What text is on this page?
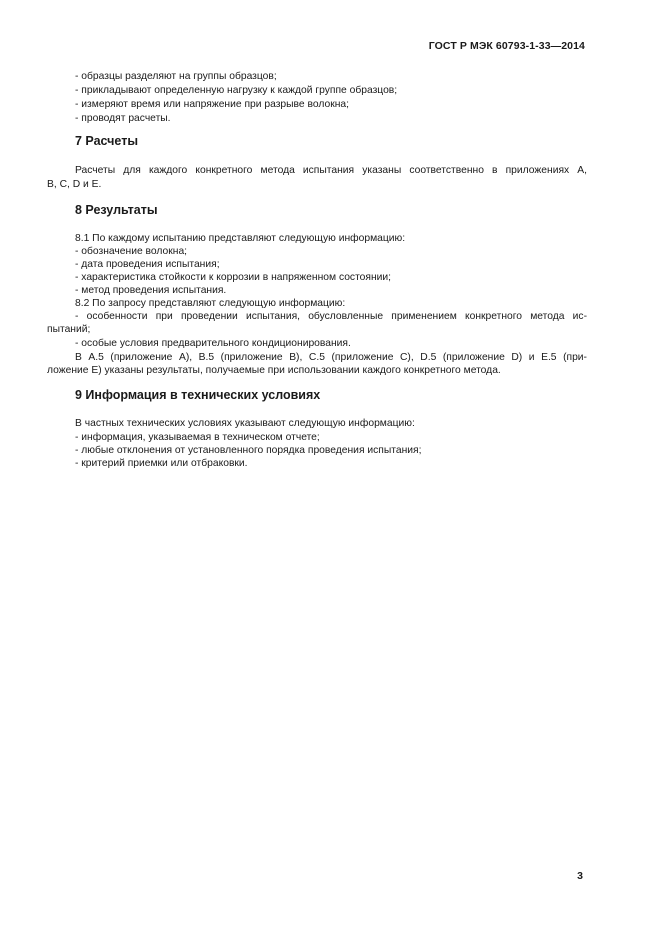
ГОСТ Р МЭК 60793-1-33—2014
- образцы разделяют на группы образцов;
- прикладывают определенную нагрузку к каждой группе образцов;
- измеряют время или напряжение при разрыве волокна;
- проводят расчеты.
7 Расчеты
Расчеты для каждого конкретного метода испытания указаны соответственно в приложениях А,
В, С, D и Е.
8 Результаты
8.1 По каждому испытанию представляют следующую информацию:
- обозначение волокна;
- дата проведения испытания;
- характеристика стойкости к коррозии в напряженном состоянии;
- метод проведения испытания.
8.2 По запросу представляют следующую информацию:
- особенности при проведении испытания, обусловленные применением конкретного метода ис-
пытаний;
- особые условия предварительного кондиционирования.
В А.5 (приложение А), В.5 (приложение В), С.5 (приложение С), D.5 (приложение D) и Е.5 (при-
ложение Е) указаны результаты, получаемые при использовании каждого конкретного метода.
9 Информация в технических условиях
В частных технических условиях указывают следующую информацию:
- информация, указываемая в техническом отчете;
- любые отклонения от установленного порядка проведения испытания;
- критерий приемки или отбраковки.
3
